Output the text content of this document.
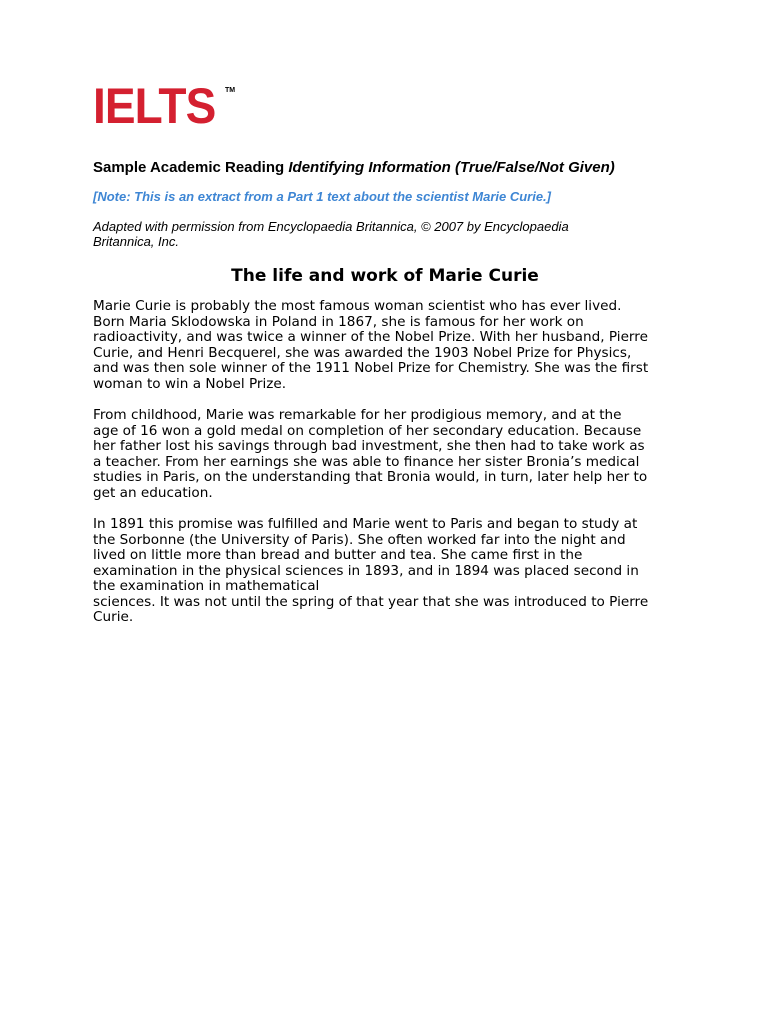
IELTS TM
Sample Academic Reading Identifying Information (True/False/Not Given)
[Note: This is an extract from a Part 1 text about the scientist Marie Curie.]
Adapted with permission from Encyclopaedia Britannica, © 2007 by Encyclopaedia Britannica, Inc.
The life and work of Marie Curie
Marie Curie is probably the most famous woman scientist who has ever lived.
Born Maria Sklodowska in Poland in 1867, she is famous for her work on
radioactivity, and was twice a winner of the Nobel Prize. With her husband, Pierre
Curie, and Henri Becquerel, she was awarded the 1903 Nobel Prize for Physics,
and was then sole winner of the 1911 Nobel Prize for Chemistry. She was the first
woman to win a Nobel Prize.
From childhood, Marie was remarkable for her prodigious memory, and at the
age of 16 won a gold medal on completion of her secondary education. Because
her father lost his savings through bad investment, she then had to take work as
a teacher. From her earnings she was able to finance her sister Bronia’s medical
studies in Paris, on the understanding that Bronia would, in turn, later help her to
get an education.
In 1891 this promise was fulfilled and Marie went to Paris and began to study at
the Sorbonne (the University of Paris). She often worked far into the night and
lived on little more than bread and butter and tea. She came first in the
examination in the physical sciences in 1893, and in 1894 was placed second in
the examination in mathematical
sciences. It was not until the spring of that year that she was introduced to Pierre
Curie.
